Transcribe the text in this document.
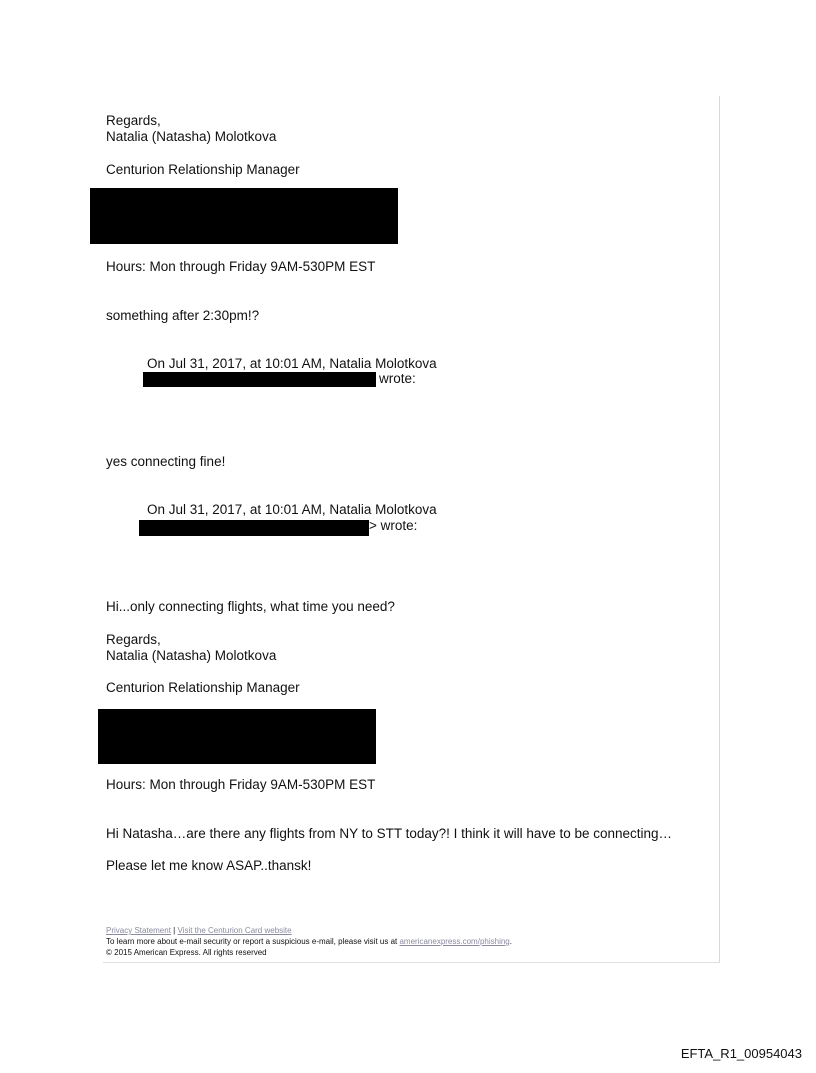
Regards,
Natalia (Natasha) Molotkova
Centurion Relationship Manager
Hours: Mon through Friday 9AM-530PM EST
something after 2:30pm!?
On Jul 31, 2017, at 10:01 AM, Natalia Molotkova
wrote:
yes connecting fine!
On Jul 31, 2017, at 10:01 AM, Natalia Molotkova
> wrote:
Hi...only connecting flights, what time you need?
Regards,
Natalia (Natasha) Molotkova
Centurion Relationship Manager
Hours: Mon through Friday 9AM-530PM EST
Hi Natasha…are there any flights from NY to STT today?! I think it will have to be connecting…
Please let me know ASAP..thansk!
Privacy Statement | Visit the Centurion Card website
To learn more about e-mail security or report a suspicious e-mail, please visit us at americanexpress.com/phishing.
© 2015 American Express. All rights reserved
EFTA_R1_00954043
